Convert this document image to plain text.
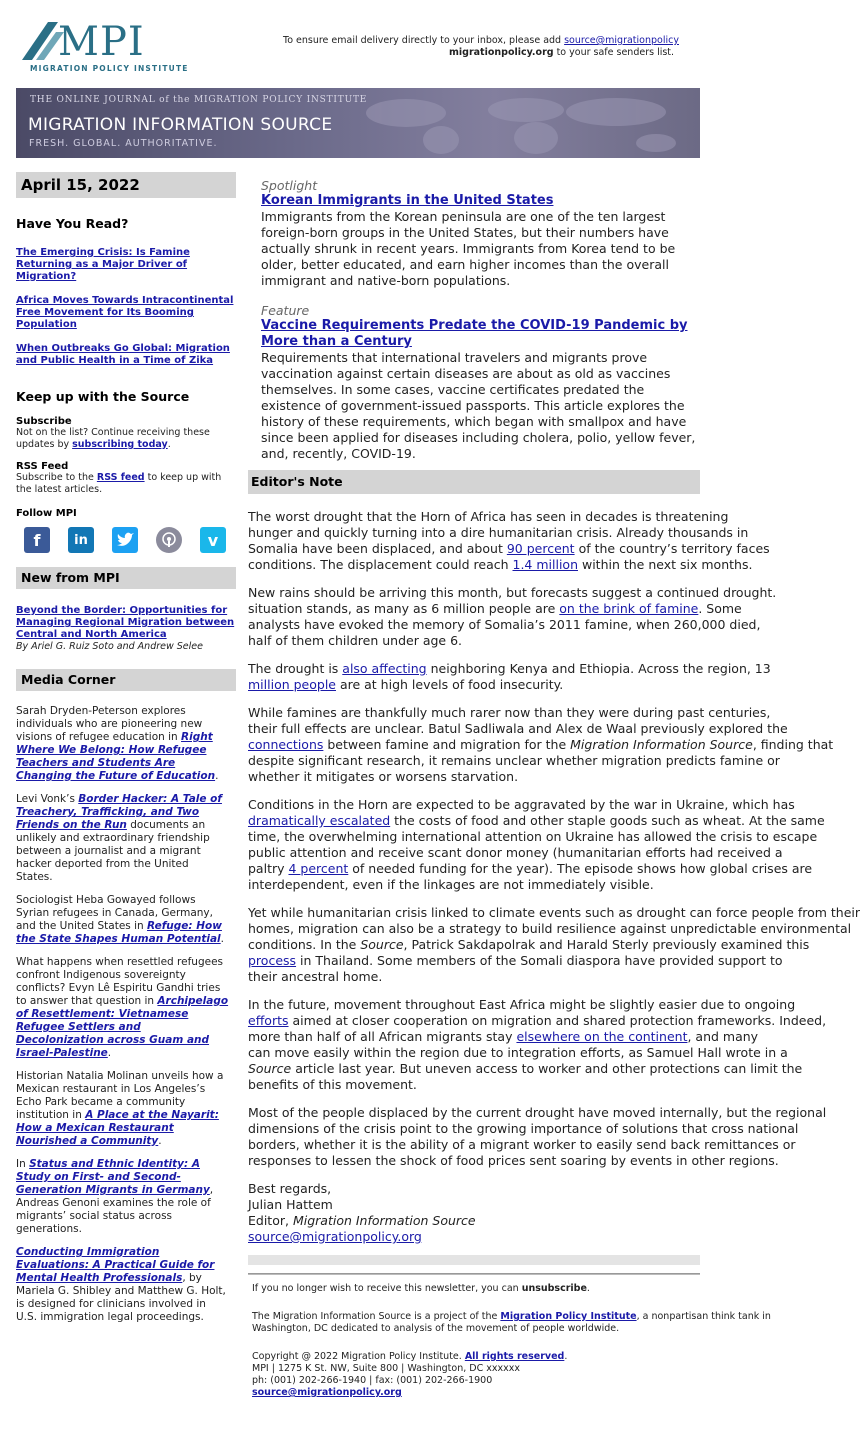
MPI
MIGRATION POLICY INSTITUTE
To ensure email delivery directly to your inbox, please add source@migrationpolicy
migrationpolicy.org to your safe senders list.
THE ONLINE JOURNAL of the MIGRATION POLICY INSTITUTE
MIGRATION INFORMATION SOURCE
FRESH. GLOBAL. AUTHORITATIVE.
April 15, 2022
Have You Read?
The Emerging Crisis: Is Famine
Returning as a Major Driver of
Migration?
Africa Moves Towards Intracontinental
Free Movement for Its Booming
Population
When Outbreaks Go Global: Migration
and Public Health in a Time of Zika
Keep up with the Source
Subscribe
Not on the list? Continue receiving these
updates by subscribing today.
RSS Feed
Subscribe to the RSS feed to keep up with
the latest articles.
Follow MPI
f	in	v
New from MPI
Beyond the Border: Opportunities for
Managing Regional Migration between
Central and North America
By Ariel G. Ruiz Soto and Andrew Selee
Media Corner
Sarah Dryden-Peterson explores
individuals who are pioneering new
visions of refugee education in Right
Where We Belong: How Refugee
Teachers and Students Are
Changing the Future of Education.
Levi Vonk’s Border Hacker: A Tale of
Treachery, Trafficking, and Two
Friends on the Run documents an
unlikely and extraordinary friendship
between a journalist and a migrant
hacker deported from the United
States.
Sociologist Heba Gowayed follows
Syrian refugees in Canada, Germany,
and the United States in Refuge: How
the State Shapes Human Potential.
What happens when resettled refugees
confront Indigenous sovereignty
conflicts? Evyn Lê Espiritu Gandhi tries
to answer that question in Archipelago
of Resettlement: Vietnamese
Refugee Settlers and
Decolonization across Guam and
Israel-Palestine.
Historian Natalia Molinan unveils how a
Mexican restaurant in Los Angeles’s
Echo Park became a community
institution in A Place at the Nayarit:
How a Mexican Restaurant
Nourished a Community.
In Status and Ethnic Identity: A
Study on First- and Second-
Generation Migrants in Germany,
Andreas Genoni examines the role of
migrants’ social status across
generations.
Conducting Immigration
Evaluations: A Practical Guide for
Mental Health Professionals, by
Mariela G. Shibley and Matthew G. Holt,
is designed for clinicians involved in
U.S. immigration legal proceedings.
Spotlight
Korean Immigrants in the United States
Immigrants from the Korean peninsula are one of the ten largest
foreign-born groups in the United States, but their numbers have
actually shrunk in recent years. Immigrants from Korea tend to be
older, better educated, and earn higher incomes than the overall
immigrant and native-born populations.
Feature
Vaccine Requirements Predate the COVID-19 Pandemic by
More than a Century
Requirements that international travelers and migrants prove
vaccination against certain diseases are about as old as vaccines
themselves. In some cases, vaccine certificates predated the
existence of government-issued passports. This article explores the
history of these requirements, which began with smallpox and have
since been applied for diseases including cholera, polio, yellow fever,
and, recently, COVID-19.
Editor's Note
The worst drought that the Horn of Africa has seen in decades is threatening
hunger and quickly turning into a dire humanitarian crisis. Already thousands in
Somalia have been displaced, and about 90 percent of the country’s territory faces
conditions. The displacement could reach 1.4 million within the next six months.
New rains should be arriving this month, but forecasts suggest a continued drought.
situation stands, as many as 6 million people are on the brink of famine. Some
analysts have evoked the memory of Somalia’s 2011 famine, when 260,000 died,
half of them children under age 6.
The drought is also affecting neighboring Kenya and Ethiopia. Across the region, 13
million people are at high levels of food insecurity.
While famines are thankfully much rarer now than they were during past centuries,
their full effects are unclear. Batul Sadliwala and Alex de Waal previously explored the
connections between famine and migration for the Migration Information Source, finding that
despite significant research, it remains unclear whether migration predicts famine or
whether it mitigates or worsens starvation.
Conditions in the Horn are expected to be aggravated by the war in Ukraine, which has
dramatically escalated the costs of food and other staple goods such as wheat. At the same
time, the overwhelming international attention on Ukraine has allowed the crisis to escape
public attention and receive scant donor money (humanitarian efforts had received a
paltry 4 percent of needed funding for the year). The episode shows how global crises are
interdependent, even if the linkages are not immediately visible.
Yet while humanitarian crisis linked to climate events such as drought can force people from their
homes, migration can also be a strategy to build resilience against unpredictable environmental
conditions. In the Source, Patrick Sakdapolrak and Harald Sterly previously examined this
process in Thailand. Some members of the Somali diaspora have provided support to
their ancestral home.
In the future, movement throughout East Africa might be slightly easier due to ongoing
efforts aimed at closer cooperation on migration and shared protection frameworks. Indeed,
more than half of all African migrants stay elsewhere on the continent, and many
can move easily within the region due to integration efforts, as Samuel Hall wrote in a
Source article last year. But uneven access to worker and other protections can limit the
benefits of this movement.
Most of the people displaced by the current drought have moved internally, but the regional
dimensions of the crisis point to the growing importance of solutions that cross national
borders, whether it is the ability of a migrant worker to easily send back remittances or
responses to lessen the shock of food prices sent soaring by events in other regions.
Best regards,
Julian Hattem
Editor, Migration Information Source
source@migrationpolicy.org
If you no longer wish to receive this newsletter, you can unsubscribe.
The Migration Information Source is a project of the Migration Policy Institute, a nonpartisan think tank in
Washington, DC dedicated to analysis of the movement of people worldwide.
Copyright @ 2022 Migration Policy Institute. All rights reserved.
MPI | 1275 K St. NW, Suite 800 | Washington, DC xxxxxx
ph: (001) 202-266-1940 | fax: (001) 202-266-1900
source@migrationpolicy.org
